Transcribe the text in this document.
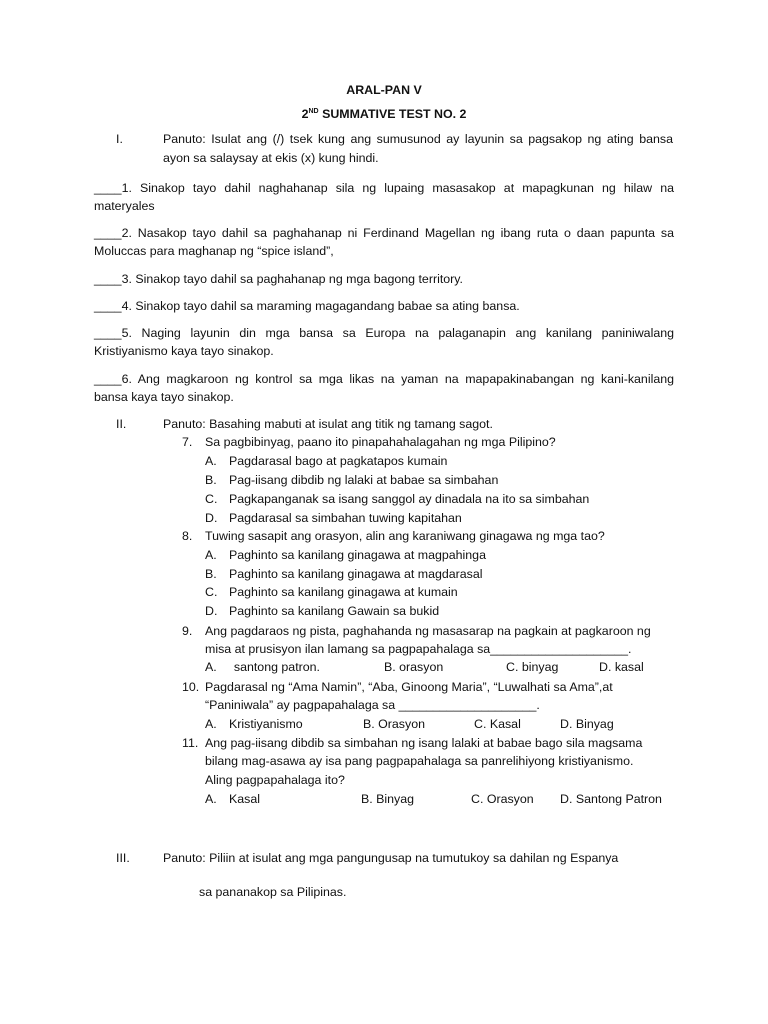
ARAL-PAN V
2ND SUMMATIVE TEST NO. 2
I.	Panuto: Isulat ang (/) tsek kung ang sumusunod ay layunin sa pagsakop ng ating bansa
ayon sa salaysay at ekis (x) kung hindi.
____1. Sinakop tayo dahil naghahanap sila ng lupaing masasakop at mapagkunan ng hilaw na
materyales
____2. Nasakop tayo dahil sa paghahanap ni Ferdinand Magellan ng ibang ruta o daan papunta sa
Moluccas para maghanap ng “spice island”,
____3. Sinakop tayo dahil sa paghahanap ng mga bagong territory.
____4. Sinakop tayo dahil sa maraming magagandang babae sa ating bansa.
____5. Naging layunin din mga bansa sa Europa na palaganapin ang kanilang paniniwalang
Kristiyanismo kaya tayo sinakop.
____6. Ang magkaroon ng kontrol sa mga likas na yaman na mapapakinabangan ng kani-kanilang
bansa kaya tayo sinakop.
II.	Panuto: Basahing mabuti at isulat ang titik ng tamang sagot.
7. Sa pagbibinyag, paano ito pinapahahalagahan ng mga Pilipino?
A. Pagdarasal bago at pagkatapos kumain
B. Pag-iisang dibdib ng lalaki at babae sa simbahan
C. Pagkapanganak sa isang sanggol ay dinadala na ito sa simbahan
D. Pagdarasal sa simbahan tuwing kapitahan
8. Tuwing sasapit ang orasyon, alin ang karaniwang ginagawa ng mga tao?
A. Paghinto sa kanilang ginagawa at magpahinga
B. Paghinto sa kanilang ginagawa at magdarasal
C. Paghinto sa kanilang ginagawa at kumain
D. Paghinto sa kanilang Gawain sa bukid
9. Ang pagdaraos ng pista, paghahanda ng masasarap na pagkain at pagkaroon ng
misa at prusisyon ilan lamang sa pagpapahalaga sa____________________.
A. santong patron.	B. orasyon	C. binyag	D. kasal
10. Pagdarasal ng “Ama Namin”, “Aba, Ginoong Maria”, “Luwalhati sa Ama”,at
“Paniniwala” ay pagpapahalaga sa ____________________.
A. Kristiyanismo	B. Orasyon	C. Kasal	D. Binyag
11. Ang pag-iisang dibdib sa simbahan ng isang lalaki at babae bago sila magsama
bilang mag-asawa ay isa pang pagpapahalaga sa panrelihiyong kristiyanismo.
Aling pagpapahalaga ito?
A. Kasal	B. Binyag	C. Orasyon D. Santong Patron
III.	Panuto: Piliin at isulat ang mga pangungusap na tumutukoy sa dahilan ng Espanya
sa pananakop sa Pilipinas.
